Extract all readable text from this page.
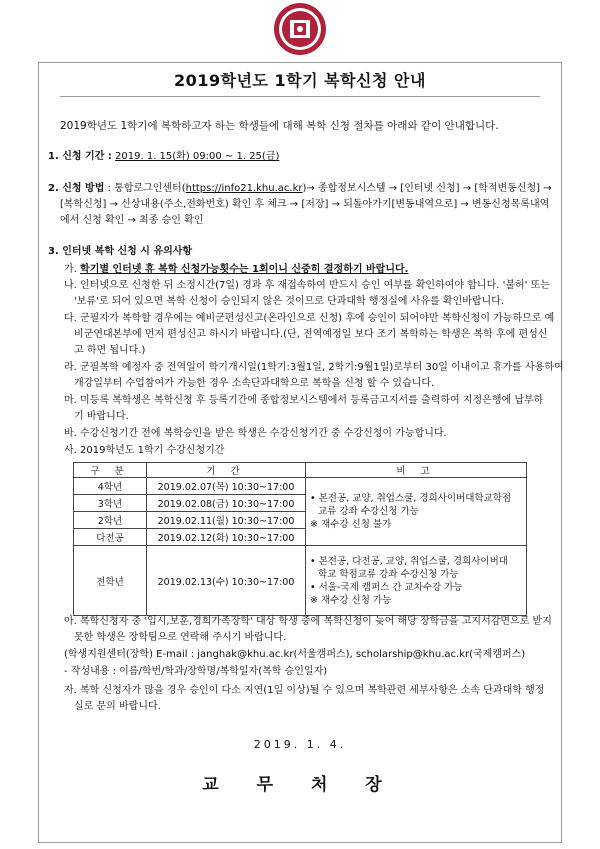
2019학년도 1학기 복학신청 안내
2019학년도 1학기에 복학하고자 하는 학생들에 대해 복학 신청 절차를 아래와 같이 안내합니다.
1. 신청 기간 : 2019. 1. 15(화) 09:00 ~ 1. 25(금)
2. 신청 방법 : 통합로그인센터(https://info21.khu.ac.kr)→ 종합정보시스템 → [인터넷 신청] → [학적변동신청] →
[복학신청] → 신상내용(주소,전화번호) 확인 후 체크 → [저장] → 되돌아가기[변동내역으로] → 변동신청목록내역
에서 신청 확인 → 최종 승인 확인
3. 인터넷 복학 신청 시 유의사항
가. 학기별 인터넷 휴 복학 신청가능횟수는 1회이니 신중히 결정하기 바랍니다.
나. 인터넷으로 신청한 뒤 소정시간(7일) 경과 후 재접속하여 반드시 승인 여부를 확인하여야 합니다. '불허' 또는
'보류'로 되어 있으면 복학 신청이 승인되지 않은 것이므로 단과대학 행정실에 사유를 확인바랍니다.
다. 군필자가 복학할 경우에는 예비군편성신고(온라인으로 신청) 후에 승인이 되어야만 복학신청이 가능하므로 예
비군연대본부에 먼저 편성신고 하시기 바랍니다.(단, 전역예정일 보다 조기 복학하는 학생은 복학 후에 편성신
고 하면 됩니다.)
라. 군필복학 예정자 중 전역일이 학기개시일(1학기:3월1일, 2학기:9월1일)로부터 30일 이내이고 휴가를 사용하여
개강일부터 수업참여가 가능한 경우 소속단과대학으로 복학을 신청 할 수 있습니다.
마. 미등록 복학생은 복학신청 후 등록기간에 종합정보시스템에서 등록금고지서를 출력하여 지정은행에 납부하
기 바랍니다.
바. 수강신청기간 전에 복학승인을 받은 학생은 수강신청기간 중 수강신청이 가능합니다.
사. 2019학년도 1학기 수강신청기간
구 분	기 간	비 고
4학년	2019.02.07(목) 10:30~17:00	• 본전공, 교양, 취업스쿨, 경희사이버대학교학점
교류 강좌 수강신청 가능
※ 재수강 신청 불가

3학년	2019.02.08(금) 10:30~17:00	
2학년	2019.02.11(월) 10:30~17:00	
다전공	2019.02.12(화) 10:30~17:00	
전학년	2019.02.13(수) 10:30~17:00	• 본전공, 다전공, 교양, 취업스쿨, 경희사이버대
학교 학점교류 강좌 수강신청 가능
• 서울-국제 캠퍼스 간 교차수강 가능
※ 재수강 신청 가능
아. 복학신청자 중 '입시,보훈,경희가족장학' 대상 학생 중에 복학신청이 늦어 해당 장학금을 고지서감면으로 받지
못한 학생은 장학팀으로 연락해 주시기 바랍니다.
(학생지원센터(장학) E-mail : janghak@khu.ac.kr(서울캠퍼스), scholarship@khu.ac.kr(국제캠퍼스)
- 작성내용 : 이름/학번/학과/장학명/복학일자(복학 승인일자)
자. 복학 신청자가 많을 경우 승인이 다소 지연(1일 이상)될 수 있으며 복학관련 세부사항은 소속 단과대학 행정
실로 문의 바랍니다.
2019. 1. 4.
교 무 처 장
